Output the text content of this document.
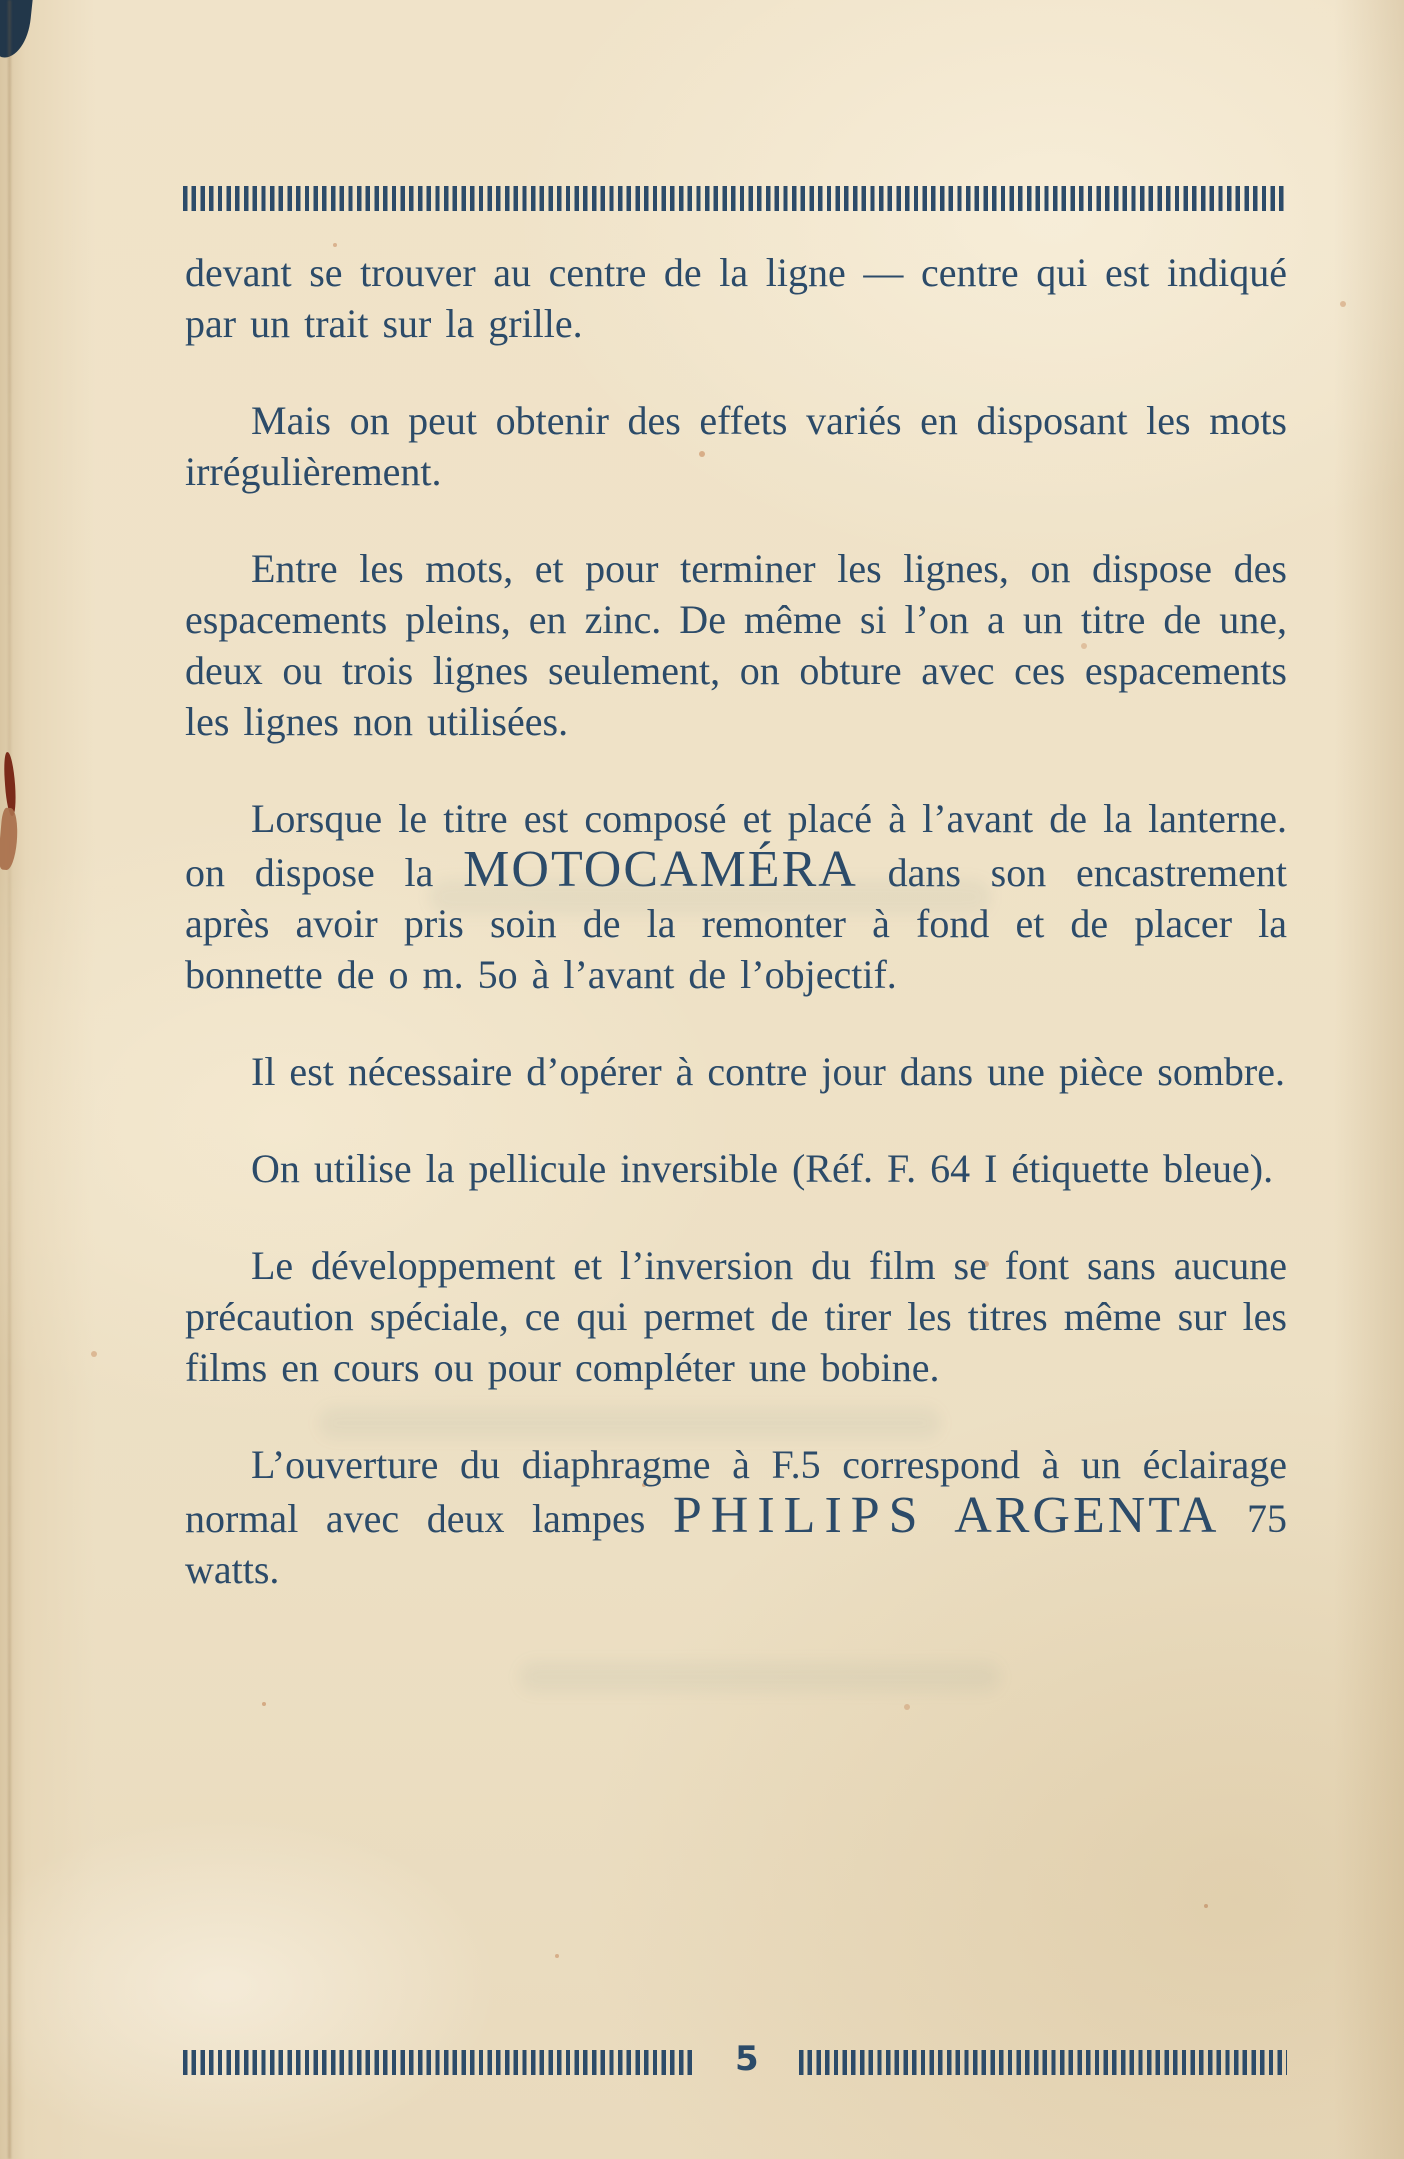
devant se trouver au centre de la ligne — centre qui est indiqué par un trait sur la grille.

Mais on peut obtenir des effets variés en disposant les mots irrégulièrement.

Entre les mots, et pour terminer les lignes, on dispose des espacements pleins, en zinc. De même si l’on a un titre de une, deux ou trois lignes seulement, on obture avec ces espacements les lignes non utilisées.

Lorsque le titre est composé et placé à l’avant de la lanterne. on dispose la MOTOCAMÉRA dans son encastrement après avoir pris soin de la remonter à fond et de placer la bonnette de o m. 5o à l’avant de l’objectif.

Il est nécessaire d’opérer à contre jour dans une pièce sombre.

On utilise la pellicule inversible (Réf. F. 64 I étiquette bleue).

Le développement et l’inversion du film se font sans aucune précaution spéciale, ce qui permet de tirer les titres même sur les films en cours ou pour compléter une bobine.

L’ouverture du diaphragme à F.5 correspond à un éclairage normal avec deux lampes PHILIPS ARGENTA 75 watts.

5
